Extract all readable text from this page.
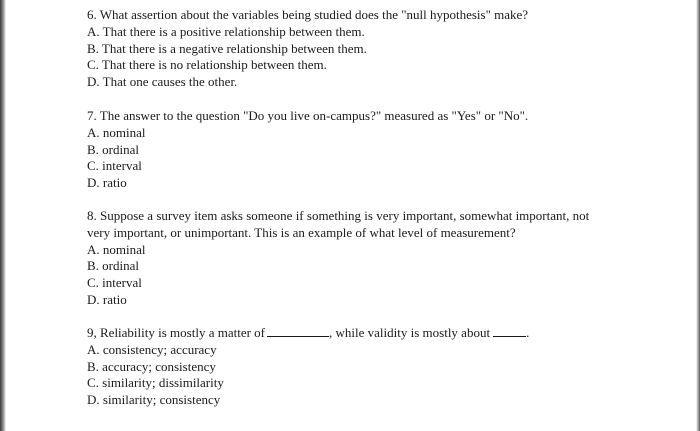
6. What assertion about the variables being studied does the "null hypothesis" make?
A. That there is a positive relationship between them.
B. That there is a negative relationship between them.
C. That there is no relationship between them.
D. That one causes the other.
7. The answer to the question "Do you live on-campus?" measured as "Yes" or "No".
A. nominal
B. ordinal
C. interval
D. ratio
8. Suppose a survey item asks someone if something is very important, somewhat important, not
very important, or unimportant. This is an example of what level of measurement?
A. nominal
B. ordinal
C. interval
D. ratio
9, Reliability is mostly a matter of	, while validity is mostly about	.
A. consistency; accuracy
B. accuracy; consistency
C. similarity; dissimilarity
D. similarity; consistency
